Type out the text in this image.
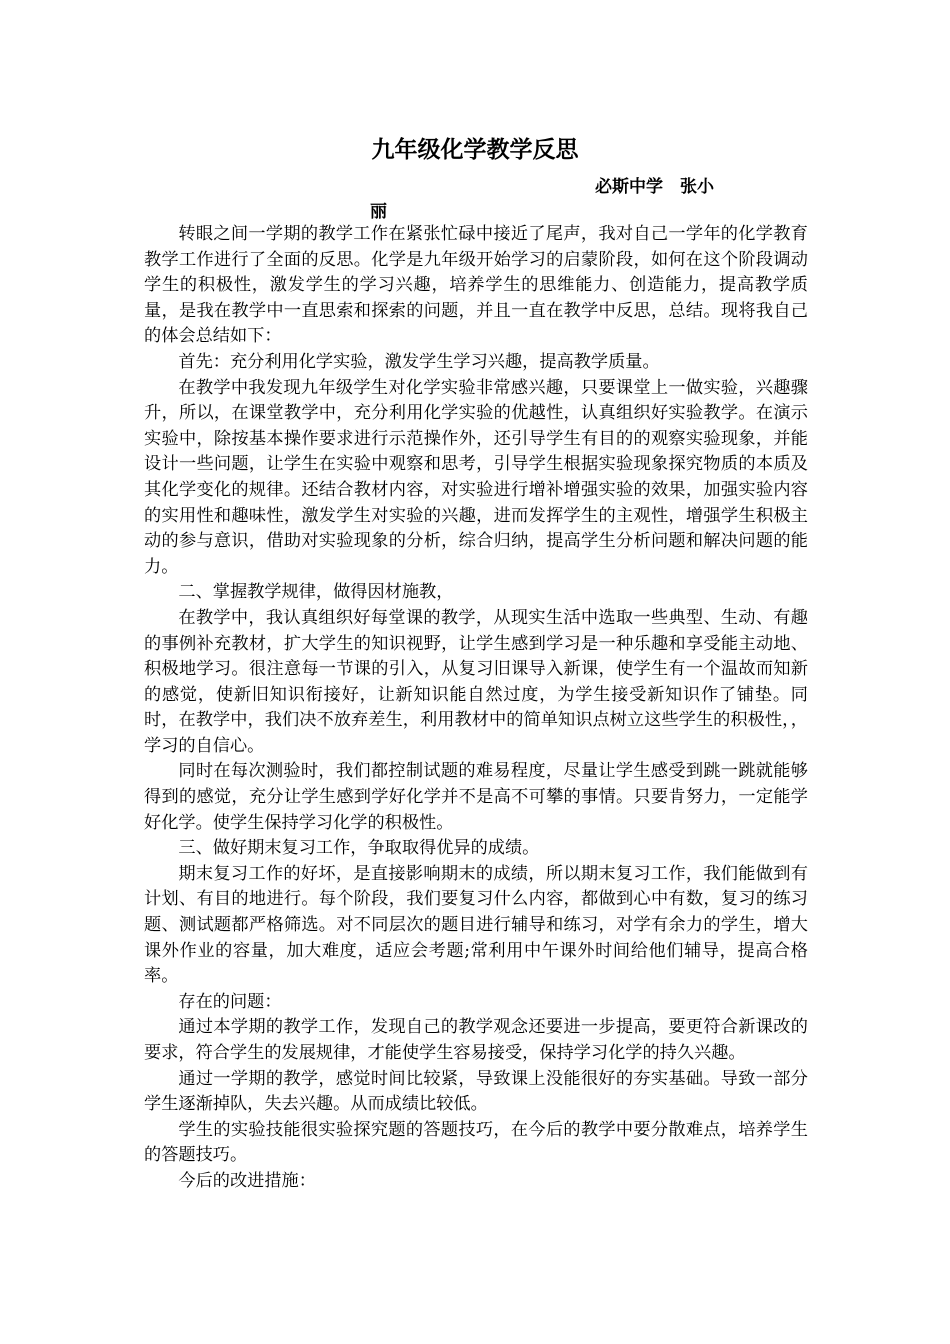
九年级化学教学反思
必斯中学　张小
丽

转眼之间一学期的教学工作在紧张忙碌中接近了尾声，我对自己一学年的化学教育教学工作进行了全面的反思。化学是九年级开始学习的启蒙阶段，如何在这个阶段调动学生的积极性，激发学生的学习兴趣，培养学生的思维能力、创造能力，提高教学质量，是我在教学中一直思索和探索的问题，并且一直在教学中反思，总结。现将我自己的体会总结如下：

首先：充分利用化学实验，激发学生学习兴趣，提高教学质量。

在教学中我发现九年级学生对化学实验非常感兴趣，只要课堂上一做实验，兴趣骤升，所以，在课堂教学中，充分利用化学实验的优越性，认真组织好实验教学。在演示实验中，除按基本操作要求进行示范操作外，还引导学生有目的的观察实验现象，并能设计一些问题，让学生在实验中观察和思考，引导学生根据实验现象探究物质的本质及其化学变化的规律。还结合教材内容，对实验进行增补增强实验的效果，加强实验内容的实用性和趣味性，激发学生对实验的兴趣，进而发挥学生的主观性，增强学生积极主动的参与意识，借助对实验现象的分析，综合归纳，提高学生分析问题和解决问题的能力。

二、掌握教学规律，做得因材施教，

在教学中，我认真组织好每堂课的教学，从现实生活中选取一些典型、生动、有趣的事例补充教材，扩大学生的知识视野，让学生感到学习是一种乐趣和享受能主动地、积极地学习。很注意每一节课的引入，从复习旧课导入新课，使学生有一个温故而知新的感觉，使新旧知识衔接好，让新知识能自然过度，为学生接受新知识作了铺垫。同时，在教学中，我们决不放弃差生，利用教材中的简单知识点树立这些学生的积极性，，学习的自信心。

同时在每次测验时，我们都控制试题的难易程度，尽量让学生感受到跳一跳就能够得到的感觉，充分让学生感到学好化学并不是高不可攀的事情。只要肯努力，一定能学好化学。使学生保持学习化学的积极性。

三、做好期末复习工作，争取取得优异的成绩。

期末复习工作的好坏，是直接影响期末的成绩，所以期末复习工作，我们能做到有计划、有目的地进行。每个阶段，我们要复习什么内容，都做到心中有数，复习的练习题、测试题都严格筛选。对不同层次的题目进行辅导和练习，对学有余力的学生，增大课外作业的容量，加大难度，适应会考题;常利用中午课外时间给他们辅导，提高合格率。

存在的问题：

通过本学期的教学工作，发现自己的教学观念还要进一步提高，要更符合新课改的要求，符合学生的发展规律，才能使学生容易接受，保持学习化学的持久兴趣。

通过一学期的教学，感觉时间比较紧，导致课上没能很好的夯实基础。导致一部分学生逐渐掉队，失去兴趣。从而成绩比较低。

学生的实验技能很实验探究题的答题技巧，在今后的教学中要分散难点，培养学生的答题技巧。

今后的改进措施：
